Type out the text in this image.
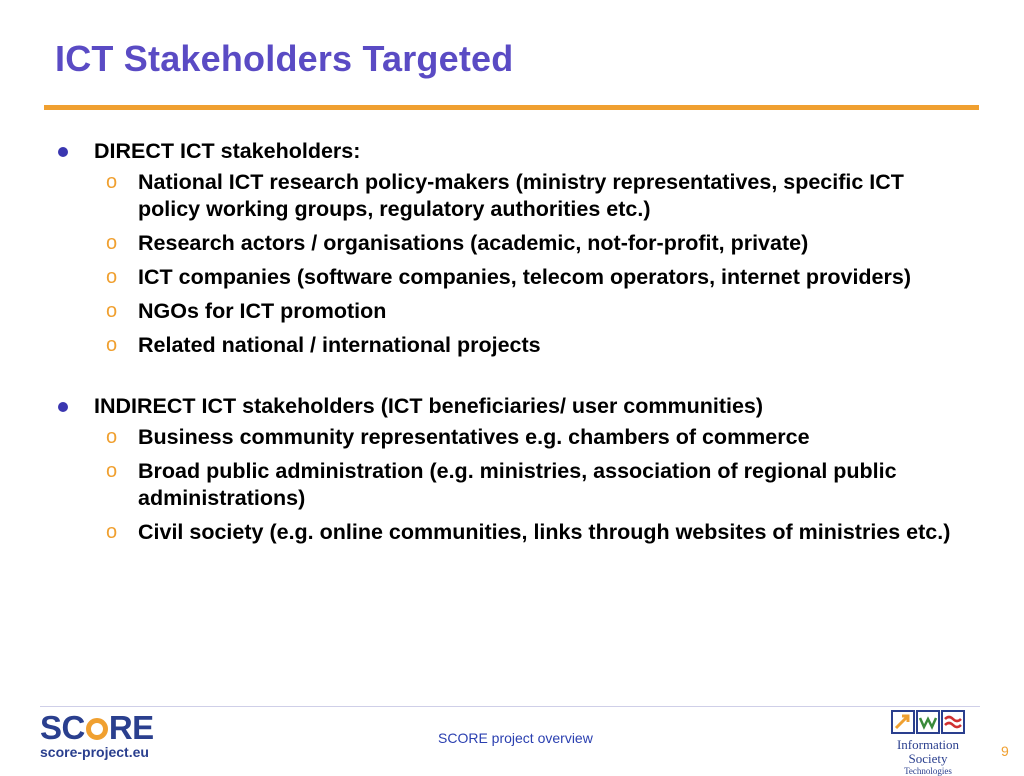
ICT Stakeholders Targeted
DIRECT ICT stakeholders:
o National ICT research policy-makers (ministry representatives, specific ICT policy working groups, regulatory authorities etc.)
o Research actors / organisations (academic, not-for-profit, private)
o ICT companies (software companies, telecom operators, internet providers)
o NGOs for ICT promotion
o Related national / international projects
INDIRECT ICT stakeholders (ICT beneficiaries/ user communities)
o Business community representatives e.g. chambers of commerce
o Broad public administration (e.g. ministries, association of regional public administrations)
o Civil society (e.g. online communities, links through websites of ministries etc.)
SC RE
score-project.eu
SCORE project overview	Information Society
Technologies
9
